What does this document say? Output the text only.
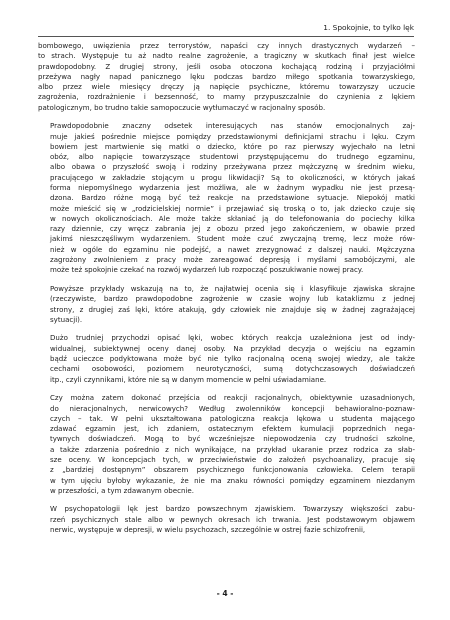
1. Spokojnie, to tylko lęk
bombowego, uwięzienia przez terrorystów, napaści czy innych drastycznych wydarzeń –
to strach. Występuje tu aż nadto realne zagrożenie, a tragiczny w skutkach finał jest wielce
prawdopodobny. Z drugiej strony, jeśli osoba otoczona kochającą rodziną i przyjaciółmi
przeżywa nagły napad panicznego lęku podczas bardzo miłego spotkania towarzyskiego,
albo przez wiele miesięcy dręczy ją napięcie psychiczne, któremu towarzyszy uczucie
zagrożenia, rozdrażnienie i bezsenność, to mamy przypuszczalnie do czynienia z lękiem
patologicznym, bo trudno takie samopoczucie wytłumaczyć w racjonalny sposób.
Prawdopodobnie znaczny odsetek interesujących nas stanów emocjonalnych zaj-
muje jakieś pośrednie miejsce pomiędzy przedstawionymi definicjami strachu i lęku. Czym
bowiem jest martwienie się matki o dziecko, które po raz pierwszy wyjechało na letni
obóz, albo napięcie towarzyszące studentowi przystępującemu do trudnego egzaminu,
albo obawa o przyszłość swoją i rodziny przeżywana przez mężczyznę w średnim wieku,
pracującego w zakładzie stojącym u progu likwidacji? Są to okoliczności, w których jakaś
forma niepomyślnego wydarzenia jest możliwa, ale w żadnym wypadku nie jest przesą-
dzona. Bardzo różne mogą być też reakcje na przedstawione sytuacje. Niepokój matki
może mieścić się w „rodzicielskiej normie” i przejawiać się troską o to, jak dziecko czuje się
w nowych okolicznościach. Ale może także skłaniać ją do telefonowania do pociechy kilka
razy dziennie, czy wręcz zabrania jej z obozu przed jego zakończeniem, w obawie przed
jakimś nieszczęśliwym wydarzeniem. Student może czuć zwyczajną tremę, lecz może rów-
nież w ogóle do egzaminu nie podejść, a nawet zrezygnować z dalszej nauki. Mężczyzna
zagrożony zwolnieniem z pracy może zareagować depresją i myślami samobójczymi, ale
może też spokojnie czekać na rozwój wydarzeń lub rozpocząć poszukiwanie nowej pracy.
Powyższe przykłady wskazują na to, że najłatwiej ocenia się i klasyfikuje zjawiska skrajne
(rzeczywiste, bardzo prawdopodobne zagrożenie w czasie wojny lub kataklizmu z jednej
strony, z drugiej zaś lęki, które atakują, gdy człowiek nie znajduje się w żadnej zagrażającej
sytuacji).
Dużo trudniej przychodzi opisać lęki, wobec których reakcja uzależniona jest od indy-
widualnej, subiektywnej oceny danej osoby. Na przykład decyzja o wejściu na egzamin
bądź ucieczce podyktowana może być nie tylko racjonalną oceną swojej wiedzy, ale także
cechami osobowości, poziomem neurotyczności, sumą dotychczasowych doświadczeń
itp., czyli czynnikami, które nie są w danym momencie w pełni uświadamiane.
Czy można zatem dokonać przejścia od reakcji racjonalnych, obiektywnie uzasadnionych,
do nieracjonalnych, nerwicowych? Według zwolenników koncepcji behawioralno-poznaw-
czych – tak. W pełni ukształtowana patologiczna reakcja lękowa u studenta mającego
zdawać egzamin jest, ich zdaniem, ostatecznym efektem kumulacji poprzednich nega-
tywnych doświadczeń. Mogą to być wcześniejsze niepowodzenia czy trudności szkolne,
a także zdarzenia pośrednio z nich wynikające, na przykład ukaranie przez rodzica za słab-
sze oceny. W koncepcjach tych, w przeciwieństwie do założeń psychoanalizy, pracuje się
z „bardziej dostępnym” obszarem psychicznego funkcjonowania człowieka. Celem terapii
w tym ujęciu byłoby wykazanie, że nie ma znaku równości pomiędzy egzaminem niezdanym
w przeszłości, a tym zdawanym obecnie.
W psychopatologii lęk jest bardzo powszechnym zjawiskiem. Towarzyszy większości zabu-
rzeń psychicznych stale albo w pewnych okresach ich trwania. Jest podstawowym objawem
nerwic, występuje w depresji, w wielu psychozach, szczególnie w ostrej fazie schizofrenii,
- 4 -
